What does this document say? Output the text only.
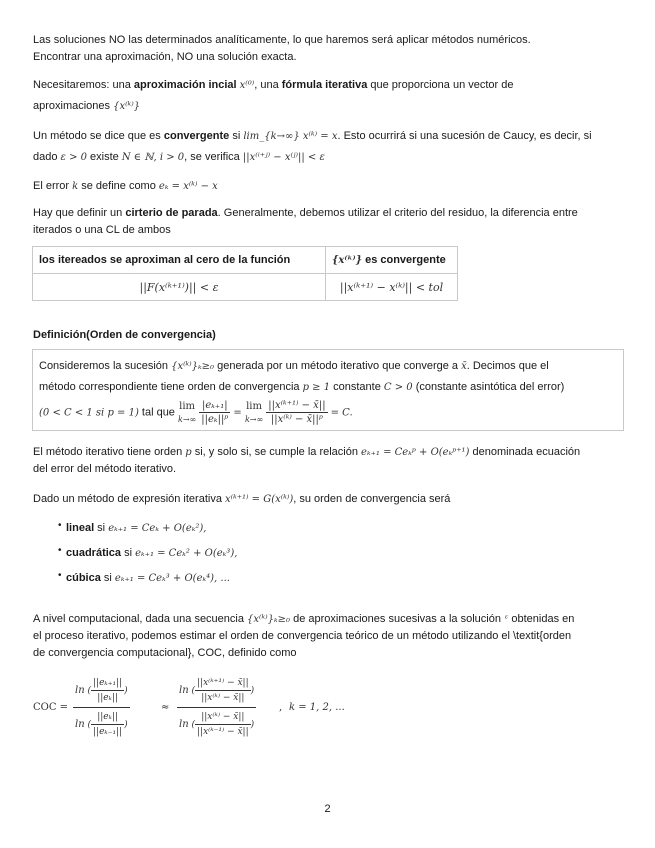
Las soluciones NO las determinados analíticamente, lo que haremos será aplicar métodos numéricos.
Encontrar una aproximación, NO una solución exacta.
Necesitaremos: una aproximación incial x⁽⁰⁾, una fórmula iterativa que proporciona un vector de
aproximaciones {x⁽ᵏ⁾}
Un método se dice que es convergente si lim_{k→∞} x⁽ᵏ⁾ = x. Esto ocurrirá si una sucesión de Caucy, es decir, si
dado ε > 0 existe N ∈ ℕ, i > 0, se verifica ||x⁽ⁱ⁺ʲ⁾ − x⁽ʲ⁾|| < ε
El error k se define como eₖ = x⁽ᵏ⁾ − x
Hay que definir un cirterio de parada. Generalmente, debemos utilizar el criterio del residuo, la diferencia entre
iterados o una CL de ambos
los itereados se aproximan al cero de la función	{x⁽ᵏ⁾} es convergente
||F(x⁽ᵏ⁺¹⁾)|| < ε	||x⁽ᵏ⁺¹⁾ − x⁽ᵏ⁾|| < tol
Definición(Orden de convergencia)
Consideremos la sucesión {x⁽ᵏ⁾}ₖ≥₀ generada por un método iterativo que converge a x̄. Decimos que el
método correspondiente tiene orden de convergencia p ≥ 1 constante C > 0 (constante asintótica del error)
(0 < C < 1 si p = 1) tal que
lim
k→∞
$\frac{\text{|eₖ₊₁|}}{\text{||eₖ||ᵖ}}$ =
lim
k→∞
$\frac{\text{||x⁽ᵏ⁺¹⁾ − x̄||}}{\text{||x⁽ᵏ⁾ − x̄||ᵖ}} = C$.
El método iterativo tiene orden p si, y solo si, se cumple la relación eₖ₊₁ = Ceₖᵖ + O(eₖᵖ⁺¹) denominada ecuación
del error del método iterativo.
Dado un método de expresión iterativa x⁽ᵏ⁺¹⁾ = G(x⁽ᵏ⁾), su orden de convergencia será
• lineal si eₖ₊₁ = Ceₖ + O(eₖ²),
• cuadrática si eₖ₊₁ = Ceₖ² + O(eₖ³),
• cúbica si eₖ₊₁ = Ceₖ³ + O(eₖ⁴), ...
A nivel computacional, dada una secuencia {x⁽ᵏ⁾}ₖ≥₀ de aproximaciones sucesivas a la solución ᵋ obtenidas en
el proceso iterativo, podemos estimar el orden de convergencia teórico de un método utilizando el \textit{orden
de convergencia computacional}, COC, definido como
COC = $\frac{\ln ( \frac{\text{||eₖ₊₁||}}{\text{||eₖ||}} )}{\ln ( \frac{\text{||eₖ||}}{\text{||eₖ₋₁||}} )}$	≈ $\frac{\ln ( \frac{\text{||x⁽ᵏ⁺¹⁾ − x̄||}}{\text{||x⁽ᵏ⁾ − x̄||}} )}{\ln ( \frac{\text{||x⁽ᵏ⁾ − x̄||}}{\text{||x⁽ᵏ⁻¹⁾ − x̄||}} )}$ , k = 1, 2, ...
2
